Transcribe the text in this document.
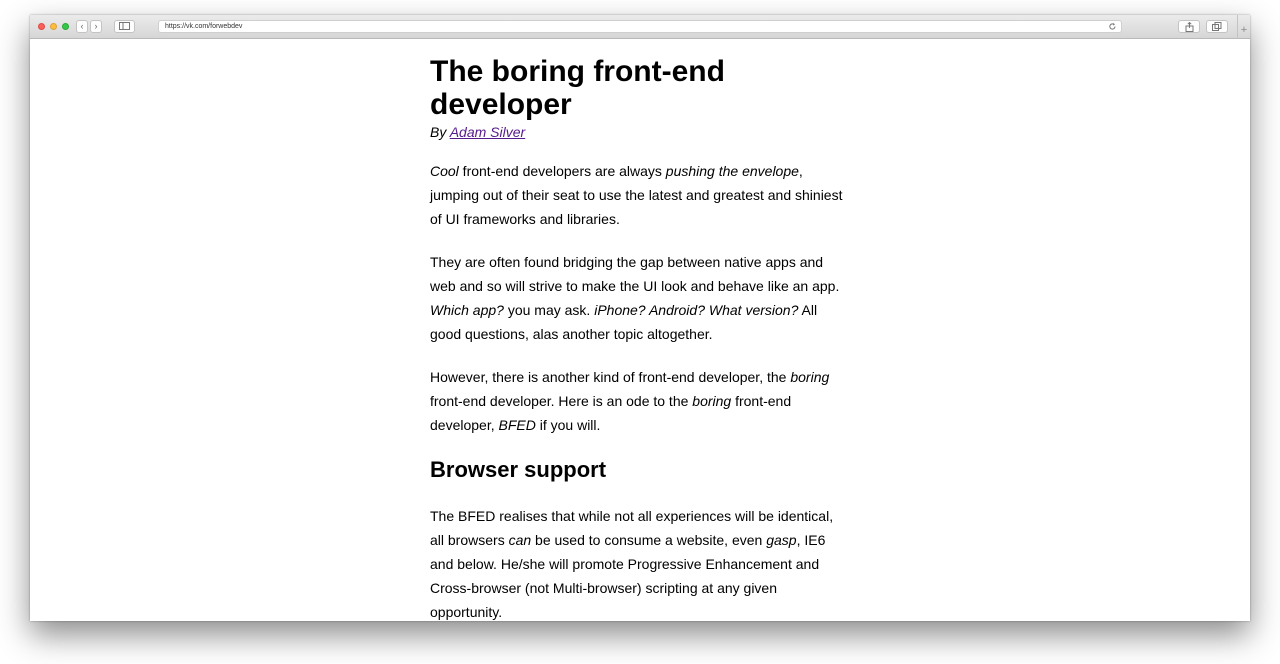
‹	›	https://vk.com/forwebdev	+
The boring front-end developer
By Adam Silver

Cool front-end developers are always pushing the envelope, jumping out of their seat to use the latest and greatest and shiniest of UI frameworks and libraries.

They are often found bridging the gap between native apps and web and so will strive to make the UI look and behave like an app. Which app? you may ask. iPhone? Android? What version? All good questions, alas another topic altogether.

However, there is another kind of front-end developer, the boring front-end developer. Here is an ode to the boring front-end developer, BFED if you will.

Browser support

The BFED realises that while not all experiences will be identical, all browsers can be used to consume a website, even gasp, IE6 and below. He/she will promote Progressive Enhancement and Cross-browser (not Multi-browser) scripting at any given opportunity.
